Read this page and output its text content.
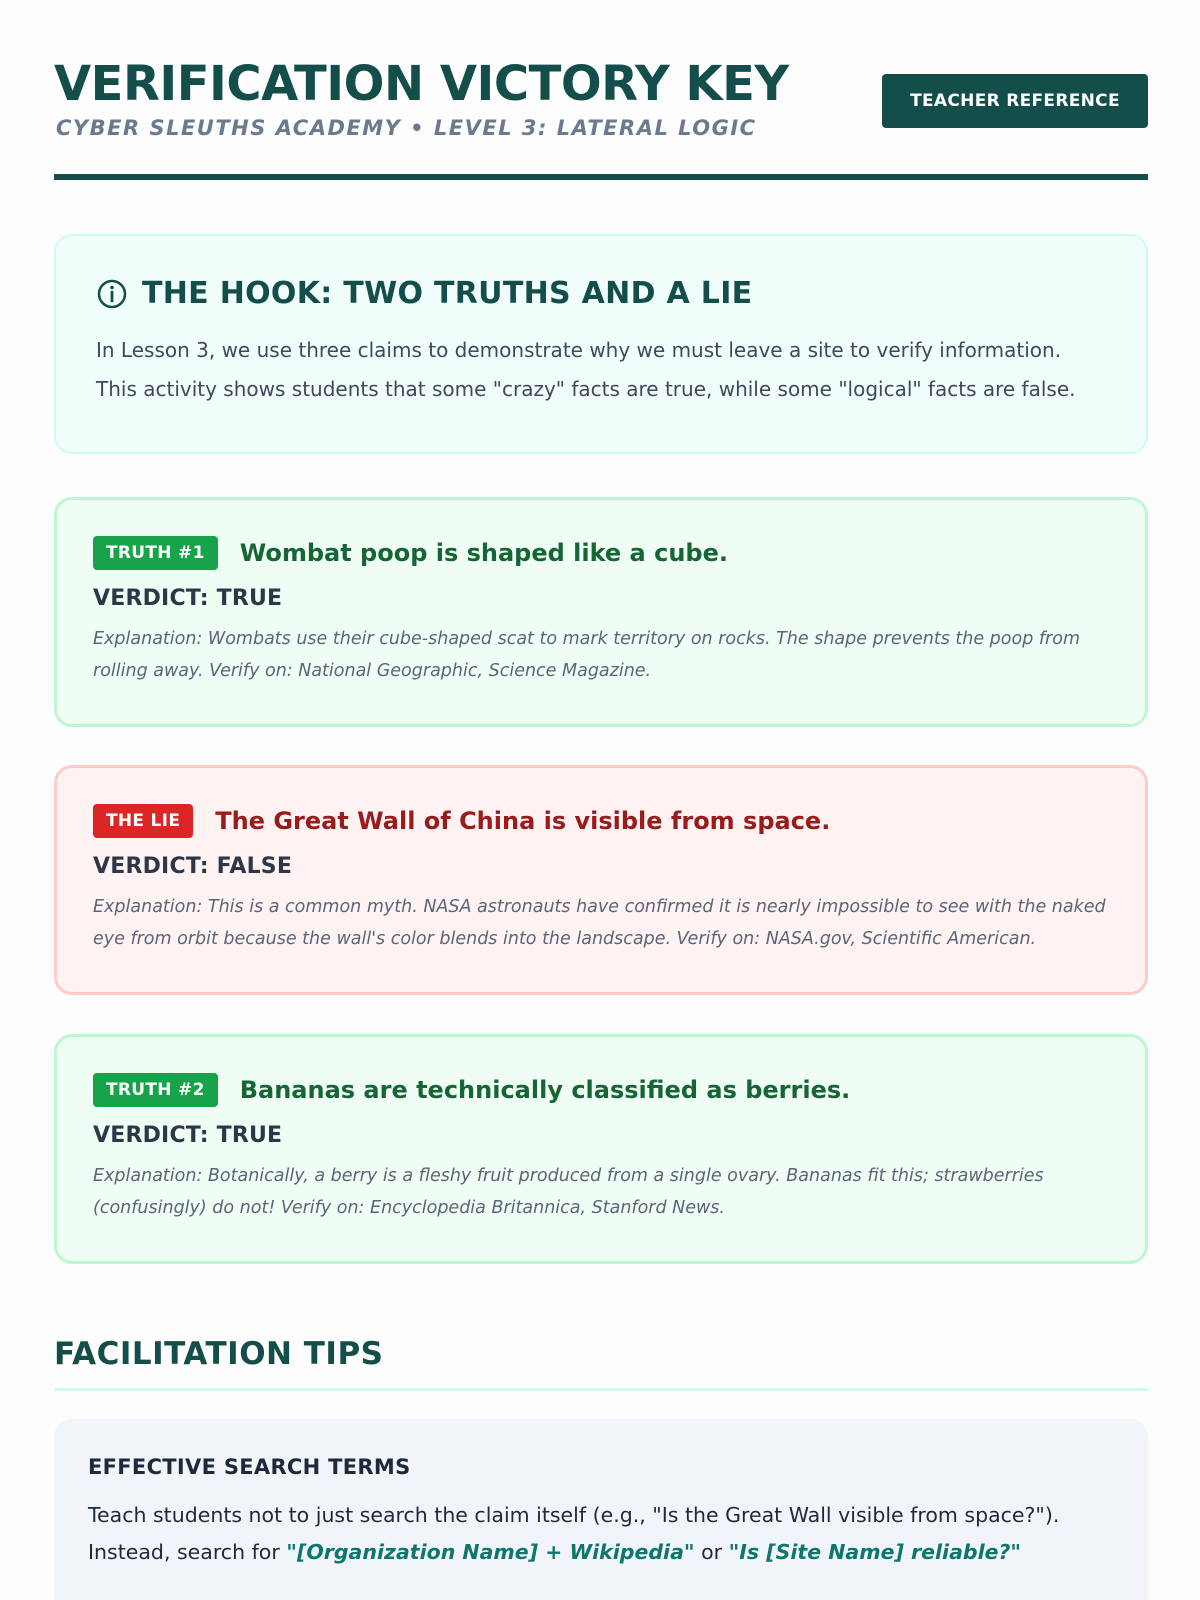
VERIFICATION VICTORY KEY
CYBER SLEUTHS ACADEMY • LEVEL 3: LATERAL LOGIC
TEACHER REFERENCE
THE HOOK: TWO TRUTHS AND A LIE

In Lesson 3, we use three claims to demonstrate why we must leave a site to verify information. This activity shows students that some "crazy" facts are true, while some "logical" facts are false.

TRUTH #1	Wombat poop is shaped like a cube.
VERDICT: TRUE

Explanation: Wombats use their cube-shaped scat to mark territory on rocks. The shape prevents the poop from rolling away. Verify on: National Geographic, Science Magazine.

THE LIE	The Great Wall of China is visible from space.
VERDICT: FALSE

Explanation: This is a common myth. NASA astronauts have confirmed it is nearly impossible to see with the naked eye from orbit because the wall's color blends into the landscape. Verify on: NASA.gov, Scientific American.

TRUTH #2	Bananas are technically classified as berries.
VERDICT: TRUE

Explanation: Botanically, a berry is a fleshy fruit produced from a single ovary. Bananas fit this; strawberries (confusingly) do not! Verify on: Encyclopedia Britannica, Stanford News.

FACILITATION TIPS
EFFECTIVE SEARCH TERMS

Teach students not to just search the claim itself (e.g., "Is the Great Wall visible from space?"). Instead, search for "[Organization Name] + Wikipedia" or "Is [Site Name] reliable?"
